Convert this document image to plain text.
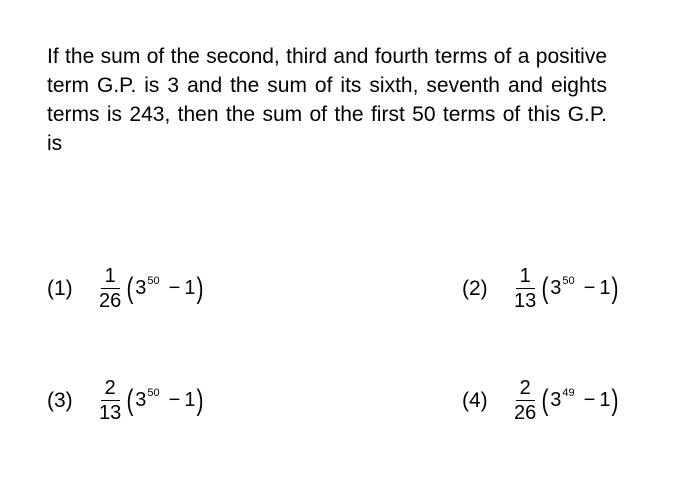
If the sum of the second, third and fourth terms of a positive term G.P. is 3 and the sum of its sixth, seventh and eights terms is 243, then the sum of the first 50 terms of this G.P. is

(1)	$\frac{1}{26}$ ( 3 50 − 1 )	(2)	$\frac{1}{13}$ ( 3 50 − 1 )
(3)	$\frac{2}{13}$ ( 3 50 − 1 )	(4)	$\frac{2}{26}$ ( 3 49 − 1 )
